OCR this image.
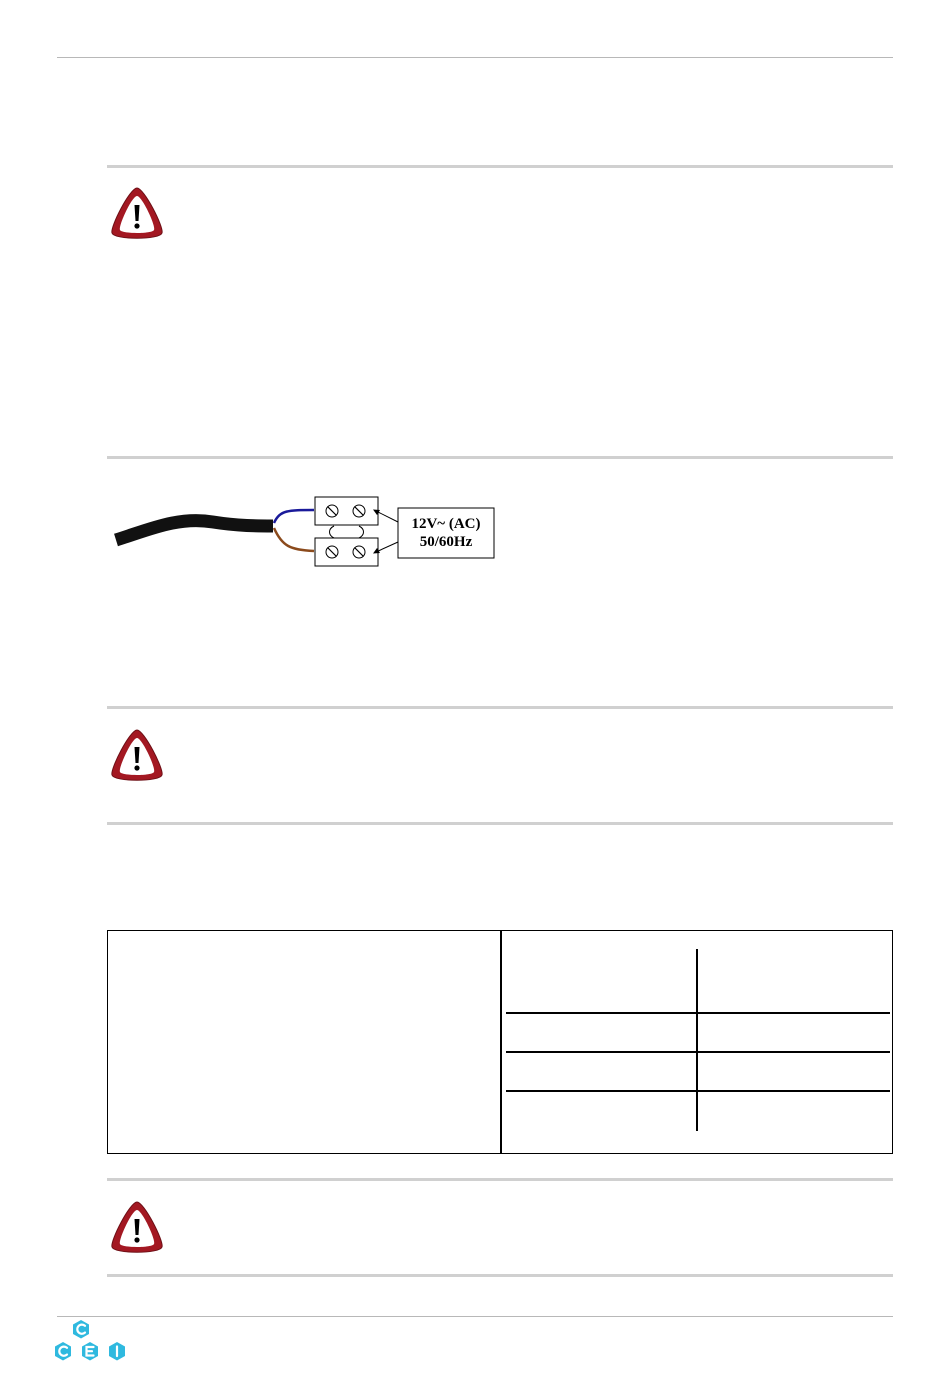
12V~ (AC)
50/60Hz
